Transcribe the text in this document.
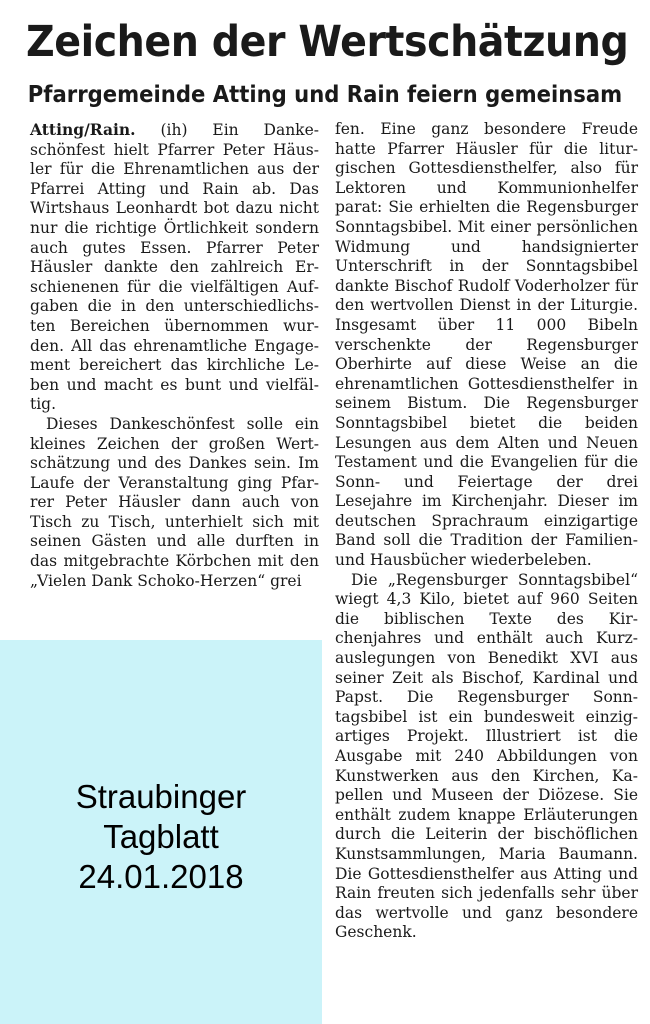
Zeichen der Wertschätzung
Pfarrgemeinde Atting und Rain feiern gemeinsam

Atting/Rain. (ih) Ein Dankeschönfest hielt Pfarrer Peter Häusler für die Ehrenamtlichen aus der Pfarrei Atting und Rain ab. Das Wirtshaus Leonhardt bot dazu nicht nur die richtige Örtlichkeit sondern auch gutes Essen. Pfarrer Peter Häusler dankte den zahlreich Erschienenen für die vielfältigen Aufgaben die in den unterschiedlichsten Bereichen übernommen wurden. All das ehrenamtliche Engagement bereichert das kirchliche Leben und macht es bunt und vielfältig.

Dieses Dankeschönfest solle ein kleines Zeichen der großen Wertschätzung und des Dankes sein. Im Laufe der Veranstaltung ging Pfarrer Peter Häusler dann auch von Tisch zu Tisch, unterhielt sich mit seinen Gästen und alle durften in das mitgebrachte Körbchen mit den „Vielen Dank Schoko-Herzen“ grei

fen. Eine ganz besondere Freude hatte Pfarrer Häusler für die liturgischen Gottesdiensthelfer, also für Lektoren und Kommunionhelfer parat: Sie erhielten die Regensburger Sonntagsbibel. Mit einer persönlichen Widmung und handsignierter Unterschrift in der Sonntagsbibel dankte Bischof Rudolf Voderholzer für den wertvollen Dienst in der Liturgie. Insgesamt über 11 000 Bibeln verschenkte der Regensburger Oberhirte auf diese Weise an die ehrenamtlichen Gottesdiensthelfer in seinem Bistum. Die Regensburger Sonntagsbibel bietet die beiden Lesungen aus dem Alten und Neuen Testament und die Evangelien für die Sonn- und Feiertage der drei Lesejahre im Kirchenjahr. Dieser im deutschen Sprachraum einzigartige Band soll die Tradition der Familien- und Hausbücher wiederbeleben.

Die „Regensburger Sonntagsbibel“ wiegt 4,3 Kilo, bietet auf 960 Seiten die biblischen Texte des Kirchenjahres und enthält auch Kurzauslegungen von Benedikt XVI aus seiner Zeit als Bischof, Kardinal und Papst. Die Regensburger Sonntagsbibel ist ein bundesweit einzigartiges Projekt. Illustriert ist die Ausgabe mit 240 Abbildungen von Kunstwerken aus den Kirchen, Kapellen und Museen der Diözese. Sie enthält zudem knappe Erläuterungen durch die Leiterin der bischöflichen Kunstsammlungen, Maria Baumann. Die Gottesdiensthelfer aus Atting und Rain freuten sich jedenfalls sehr über das wertvolle und ganz besondere Geschenk.

Straubinger
Tagblatt
24.01.2018
